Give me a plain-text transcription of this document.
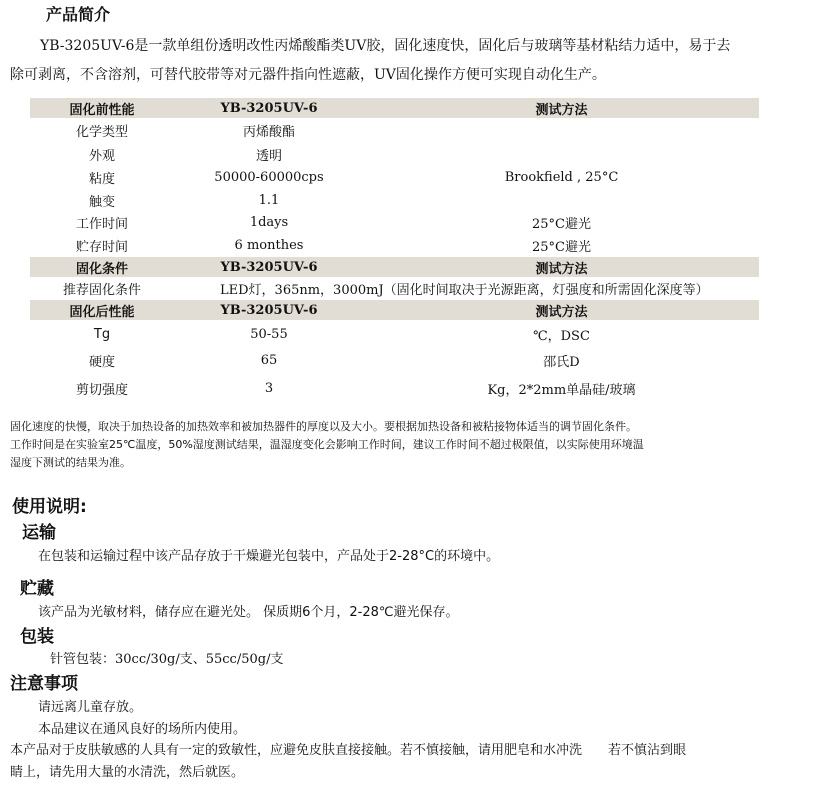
产品简介
YB-3205UV-6是一款单组份透明改性丙烯酸酯类UV胶，固化速度快，固化后与玻璃等基材粘结力适中，易于去
除可剥离，不含溶剂，可替代胶带等对元器件指向性遮蔽，UV固化操作方便可实现自动化生产。
固化前性能	YB-3205UV-6	测试方法
化学类型	丙烯酸酯
外观	透明
粘度	50000-60000cps	Brookfield , 25°C
触变	1.1
工作时间	1days	25°C避光
贮存时间	6 monthes	25°C避光
固化条件	YB-3205UV-6	测试方法
推荐固化条件	LED灯，365nm，3000mJ（固化时间取决于光源距离，灯强度和所需固化深度等）
固化后性能	YB-3205UV-6	测试方法
Tg	50-55	℃，DSC
硬度	65	邵氏D
剪切强度	3	Kg，2*2mm单晶硅/玻璃
固化速度的快慢，取决于加热设备的加热效率和被加热器件的厚度以及大小。要根据加热设备和被粘接物体适当的调节固化条件。
工作时间是在实验室25℃温度，50%湿度测试结果，温湿度变化会影响工作时间，建议工作时间不超过极限值，以实际使用环境温
湿度下测试的结果为准。
使用说明:
运输
在包装和运输过程中该产品存放于干燥避光包装中，产品处于2-28°C的环境中。
贮藏
该产品为光敏材料，储存应在避光处。 保质期6个月，2-28℃避光保存。
包装
针管包装：30cc/30g/支、55cc/50g/支
注意事项
请远离儿童存放。
本品建议在通风良好的场所内使用。
本产品对于皮肤敏感的人具有一定的致敏性，应避免皮肤直接接触。若不慎接触，请用肥皂和水冲洗　　若不慎沾到眼
睛上，请先用大量的水清洗，然后就医。
